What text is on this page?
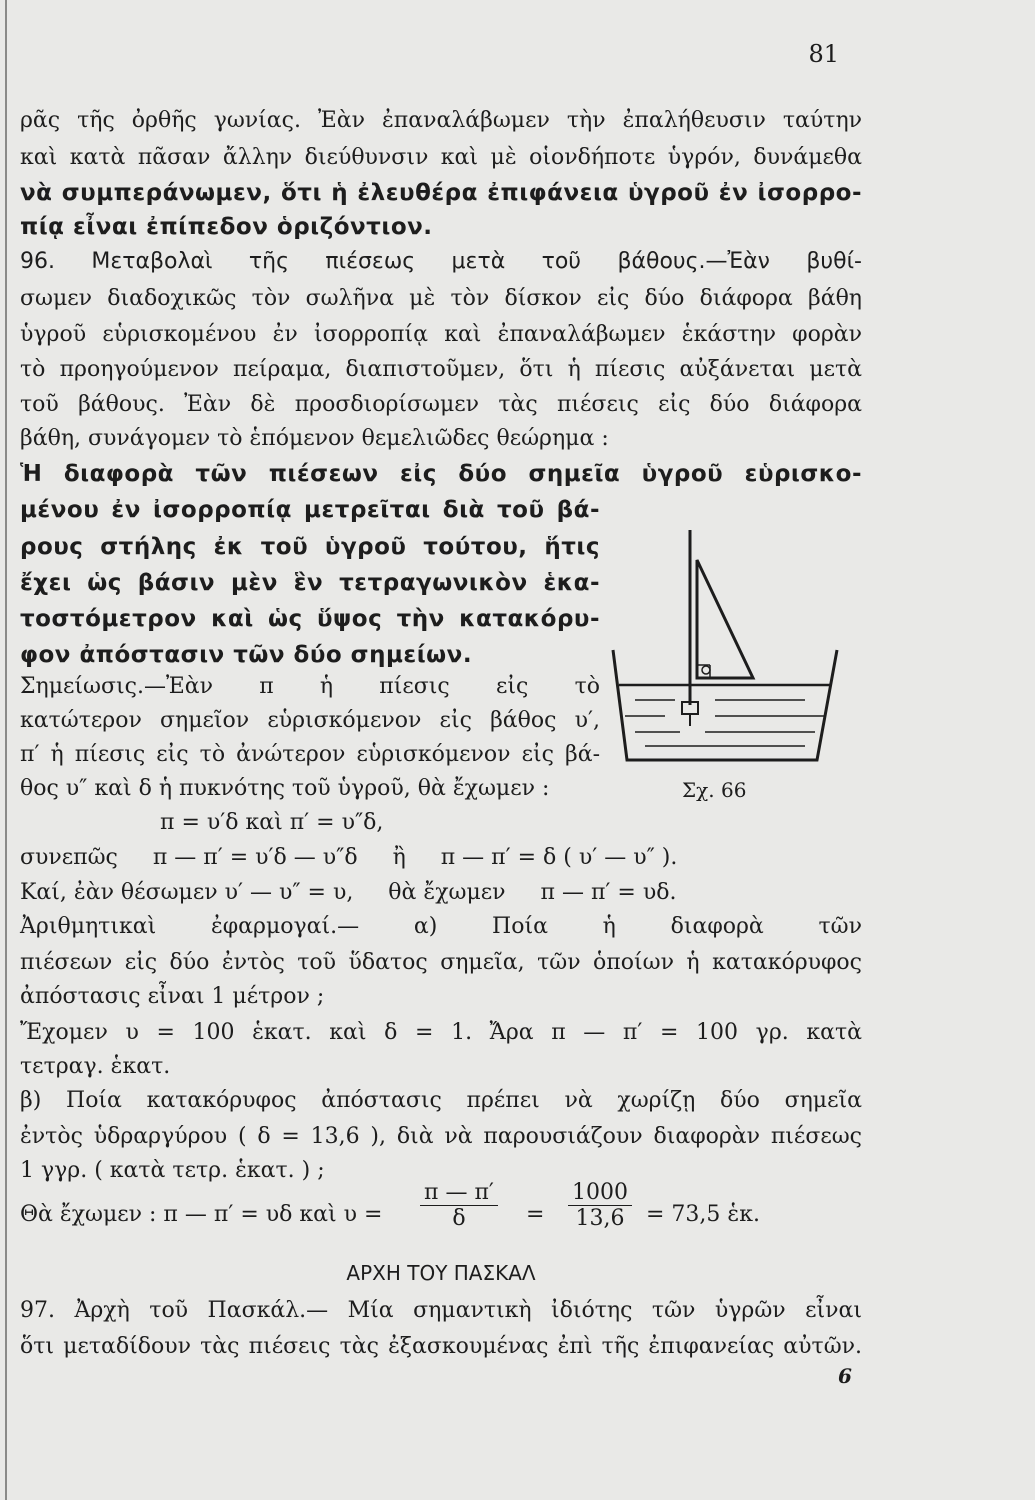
81
ρᾶς τῆς ὀρθῆς γωνίας. Ἐὰν ἐπαναλάβωμεν τὴν ἐπαλήθευσιν ταύτην
καὶ κατὰ πᾶσαν ἄλλην διεύθυνσιν καὶ μὲ οἱονδήποτε ὑγρόν, δυνάμεθα
νὰ συμπεράνωμεν, ὅτι ἡ ἐλευθέρα ἐπιφάνεια ὑγροῦ ἐν ἰσορρο-
πίᾳ εἶναι ἐπίπεδον ὁριζόντιον.
96. Μεταβολαὶ τῆς πιέσεως μετὰ τοῦ βάθους.—Ἐὰν βυθί-
σωμεν διαδοχικῶς τὸν σωλῆνα μὲ τὸν δίσκον εἰς δύο διάφορα βάθη
ὑγροῦ εὑρισκομένου ἐν ἰσορροπίᾳ καὶ ἐπαναλάβωμεν ἑκάστην φορὰν
τὸ προηγούμενον πείραμα, διαπιστοῦμεν, ὅτι ἡ πίεσις αὐξάνεται μετὰ
τοῦ βάθους. Ἐὰν δὲ προσδιορίσωμεν τὰς πιέσεις εἰς δύο διάφορα
βάθη, συνάγομεν τὸ ἑπόμενον θεμελιῶδες θεώρημα :
Ἡ διαφορὰ τῶν πιέσεων εἰς δύο σημεῖα ὑγροῦ εὑρισκο-
μένου ἐν ἰσορροπίᾳ μετρεῖται διὰ τοῦ βά-
ρους στήλης ἐκ τοῦ ὑγροῦ τούτου, ἥτις
ἔχει ὡς βάσιν μὲν ἓν τετραγωνικὸν ἑκα-
τοστόμετρον καὶ ὡς ὕψος τὴν κατακόρυ-
φον ἀπόστασιν τῶν δύο σημείων.
Σημείωσις.—Ἐὰν π ἡ πίεσις εἰς τὸ
κατώτερον σημεῖον εὑρισκόμενον εἰς βάθος υ′,
π′ ἡ πίεσις εἰς τὸ ἀνώτερον εὑρισκόμενον εἰς βά-
θος υ″ καὶ δ ἡ πυκνότης τοῦ ὑγροῦ, θὰ ἔχωμεν :
π = υ′δ καὶ π′ = υ″δ,
συνεπῶς     π — π′ = υ′δ — υ″δ     ἢ     π — π′ = δ ( υ′ — υ″ ).
Καί, ἐὰν θέσωμεν υ′ — υ″ = υ,     θὰ ἔχωμεν     π — π′ = υδ.
Ἀριθμητικαὶ ἐφαρμογαί.— α) Ποία ἡ διαφορὰ τῶν
πιέσεων εἰς δύο ἐντὸς τοῦ ὕδατος σημεῖα, τῶν ὁποίων ἡ κατακόρυφος
ἀπόστασις εἶναι 1 μέτρον ;
Ἔχομεν υ = 100 ἑκατ. καὶ δ = 1. Ἄρα π — π′ = 100 γρ. κατὰ
τετραγ. ἑκατ.
β) Ποία κατακόρυφος ἀπόστασις πρέπει νὰ χωρίζῃ δύο σημεῖα
ἐντὸς ὑδραργύρου ( δ = 13,6 ), διὰ νὰ παρουσιάζουν διαφορὰν πιέσεως
1 γγρ. ( κατὰ τετρ. ἑκατ. ) ;
Θὰ ἔχωμεν : π — π′ = υδ καὶ $\upsilon = \frac{\pi — \pi'}{\delta} = \frac{1000}{13,6} = 73,5$ ἑκ.
ΑΡΧΗ ΤΟΥ ΠΑΣΚΑΛ
97. Ἀρχὴ τοῦ Πασκάλ.— Μία σημαντικὴ ἰδιότης τῶν ὑγρῶν εἶναι
ὅτι μεταδίδουν τὰς πιέσεις τὰς ἐξασκουμένας ἐπὶ τῆς ἐπιφανείας αὐτῶν.
6
Σχ. 66
